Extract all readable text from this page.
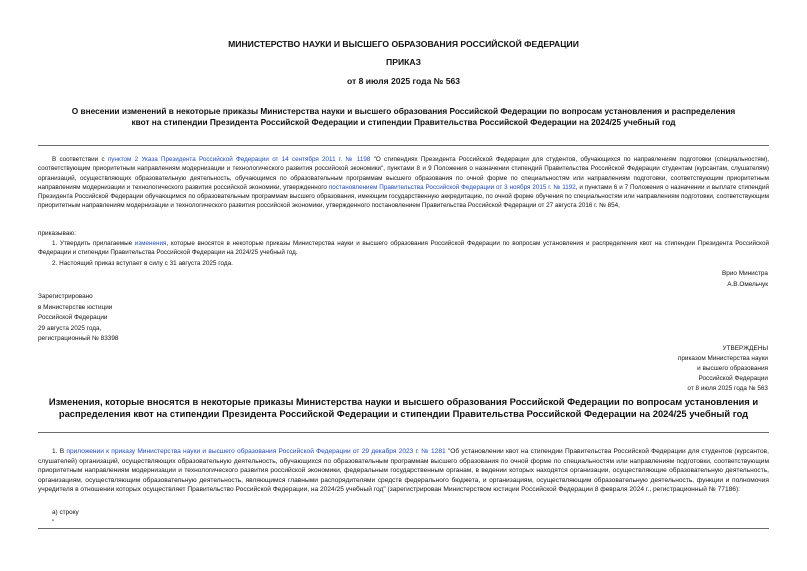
МИНИСТЕРСТВО НАУКИ И ВЫСШЕГО ОБРАЗОВАНИЯ РОССИЙСКОЙ ФЕДЕРАЦИИ
ПРИКАЗ
от 8 июля 2025 года № 563
О внесении изменений в некоторые приказы Министерства науки и высшего образования Российской Федерации по вопросам установления и распределения
квот на стипендии Президента Российской Федерации и стипендии Правительства Российской Федерации на 2024/25 учебный год
В соответствии с пунктом 2 Указа Президента Российской Федерации от 14 сентября 2011 г. № 1198 "О стипендиях Президента Российской Федерации для студентов, обучающихся по направлениям подготовки (специальностям), соответствующим приоритетным направлениям модернизации и технологического развития российской экономики", пунктами 8 и 9 Положения о назначении стипендий Правительства Российской Федерации студентам (курсантам, слушателям) организаций, осуществляющих образовательную деятельность, обучающимся по образовательным программам высшего образования по очной форме по специальностям или направлениям подготовки, соответствующим приоритетным направлениям модернизации и технологического развития российской экономики, утвержденного постановлением Правительства Российской Федерации от 3 ноября 2015 г. № 1192, и пунктами 6 и 7 Положения о назначении и выплате стипендий Президента Российской Федерации обучающимся по образовательным программам высшего образования, имеющим государственную аккредитацию, по очной форме обучения по специальностям или направлениям подготовки, соответствующим приоритетным направлениям модернизации и технологического развития российской экономики, утвержденного постановлением Правительства Российской Федерации от 27 августа 2016 г. № 854,
приказываю:
1. Утвердить прилагаемые изменения, которые вносятся в некоторые приказы Министерства науки и высшего образования Российской Федерации по вопросам установления и распределения квот на стипендии Президента Российской Федерации и стипендии Правительства Российской Федерации на 2024/25 учебный год.
2. Настоящий приказ вступает в силу с 31 августа 2025 года.
Врио Министра
А.В.Омельчук
Зарегистрировано
в Министерстве юстиции
Российской Федерации
29 августа 2025 года,
регистрационный № 83398
УТВЕРЖДЕНЫ
приказом Министерства науки
и высшего образования
Российской Федерации
от 8 июля 2025 года № 563
Изменения, которые вносятся в некоторые приказы Министерства науки и высшего образования Российской Федерации по вопросам установления и
распределения квот на стипендии Президента Российской Федерации и стипендии Правительства Российской Федерации на 2024/25 учебный год
1. В приложении к приказу Министерства науки и высшего образования Российской Федерации от 29 декабря 2023 г. № 1281 "Об установлении квот на стипендии Правительства Российской Федерации для студентов (курсантов, слушателей) организаций, осуществляющих образовательную деятельность, обучающихся по образовательным программам высшего образования по очной форме по специальностям или направлениям подготовки, соответствующим приоритетным направлениям модернизации и технологического развития российской экономики, федеральным государственным органам, в ведении которых находятся организации, осуществляющие образовательную деятельность, организациям, осуществляющим образовательную деятельность, являющимся главными распорядителями средств федерального бюджета, и организациям, осуществляющим образовательную деятельность, функции и полномочия учредителя в отношении которых осуществляет Правительство Российской Федерации, на 2024/25 учебный год" (зарегистрирован Министерством юстиции Российской Федерации 8 февраля 2024 г., регистрационный № 77186):
а) строку
"
